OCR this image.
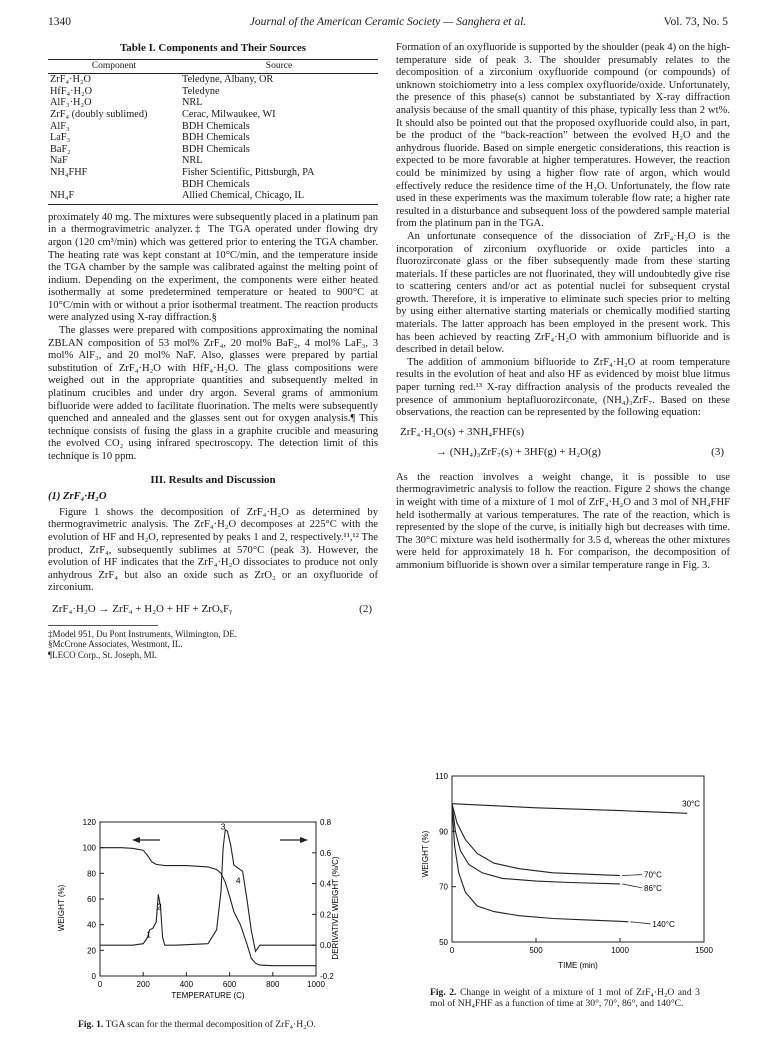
Journal of the American Ceramic Society — Sanghera et al.
1340	Vol. 73, No. 5
Table I. Components and Their Sources
Component	Source
ZrF₄·H₂O	Teledyne, Albany, OR
HfF₄·H₂O	Teledyne
AlF₃·H₂O	NRL
ZrF₄ (doubly sublimed)	Cerac, Milwaukee, WI
AlF₃	BDH Chemicals
LaF₃	BDH Chemicals
BaF₂	BDH Chemicals
NaF	NRL
NH₄FHF	Fisher Scientific, Pittsburgh, PA
	BDH Chemicals
NH₄F	Allied Chemical, Chicago, IL

proximately 40 mg. The mixtures were subsequently placed in a platinum pan in a thermogravimetric analyzer.‡ The TGA operated under flowing dry argon (120 cm³/min) which was gettered prior to entering the TGA chamber. The heating rate was kept constant at 10°C/min, and the temperature inside the TGA chamber by the sample was calibrated against the melting point of indium. Depending on the experiment, the components were either heated isothermally at some predetermined temperature or heated to 900°C at 10°C/min with or without a prior isothermal treatment. The reaction products were analyzed using X-ray diffraction.§

The glasses were prepared with compositions approximating the nominal ZBLAN composition of 53 mol% ZrF₄, 20 mol% BaF₂, 4 mol% LaF₃, 3 mol% AlF₃, and 20 mol% NaF. Also, glasses were prepared by partial substitution of ZrF₄·H₂O with HfF₄·H₂O. The glass compositions were weighed out in the appropriate quantities and subsequently melted in platinum crucibles and under dry argon. Several grams of ammonium bifluoride were added to facilitate fluorination. The melts were subsequently quenched and annealed and the glasses sent out for oxygen analysis.¶ This technique consists of fusing the glass in a graphite crucible and measuring the evolved CO₂ using infrared spectroscopy. The detection limit of this technique is 10 ppm.

III. Results and Discussion
(1) ZrF₄·H₂O

Figure 1 shows the decomposition of ZrF₄·H₂O as determined by thermogravimetric analysis. The ZrF₄·H₂O decomposes at 225°C with the evolution of HF and H₂O, represented by peaks 1 and 2, respectively.¹¹,¹² The product, ZrF₄, subsequently sublimes at 570°C (peak 3). However, the evolution of HF indicates that the ZrF₄·H₂O dissociates to produce not only anhydrous ZrF₄ but also an oxide such as ZrO₂ or an oxyfluoride of zirconium.

ZrF₄·H₂O → ZrF₄ + H₂O + HF + ZrOₓFᵧ	(2)
‡Model 951, Du Pont Instruments, Wilmington, DE.
§McCrone Associates, Westmont, IL.
¶LECO Corp., St. Joseph, MI.
0	200	400	600	800	1000
0
20
40
60
80
100
120
-0.2
0.0
0.2
0.4
0.6
0.8
1
2
3
4
TEMPERATURE (C)
WEIGHT (%)	DERIVATIVE WEIGHT (%/C)
Fig. 1. TGA scan for the thermal decomposition of ZrF₄·H₂O.

Formation of an oxyfluoride is supported by the shoulder (peak 4) on the high-temperature side of peak 3. The shoulder presumably relates to the decomposition of a zirconium oxyfluoride compound (or compounds) of unknown stoichiometry into a less complex oxyfluoride/oxide. Unfortunately, the presence of this phase(s) cannot be substantiated by X-ray diffraction analysis because of the small quantity of this phase, typically less than 2 wt%. It should also be pointed out that the proposed oxyfluoride could also, in part, be the product of the “back-reaction” between the evolved H₂O and the anhydrous fluoride. Based on simple energetic considerations, this reaction is expected to be more favorable at higher temperatures. However, the reaction could be minimized by using a higher flow rate of argon, which would effectively reduce the residence time of the H₂O. Unfortunately, the flow rate used in these experiments was the maximum tolerable flow rate; a higher rate resulted in a disturbance and subsequent loss of the powdered sample material from the platinum pan in the TGA.

An unfortunate consequence of the dissociation of ZrF₄·H₂O is the incorporation of zirconium oxyfluoride or oxide particles into a fluorozirconate glass or the fiber subsequently made from these starting materials. If these particles are not fluorinated, they will undoubtedly give rise to scattering centers and/or act as potential nuclei for subsequent crystal growth. Therefore, it is imperative to eliminate such species prior to melting by using either alternative starting materials or chemically modified starting materials. The latter approach has been employed in the present work. This has been achieved by reacting ZrF₄·H₂O with ammonium bifluoride and is described in detail below.

The addition of ammonium bifluoride to ZrF₄·H₂O at room temperature results in the evolution of heat and also HF as evidenced by moist blue litmus paper turning red.¹³ X-ray diffraction analysis of the products revealed the presence of ammonium heptafluorozirconate, (NH₄)₃ZrF₇. Based on these observations, the reaction can be represented by the following equation:

ZrF₄·H₂O(s) + 3NH₄FHF(s)
→ (NH₄)₃ZrF₇(s) + 3HF(g) + H₂O(g)	(3)

As the reaction involves a weight change, it is possible to use thermogravimetric analysis to follow the reaction. Figure 2 shows the change in weight with time of a mixture of 1 mol of ZrF₄·H₂O and 3 mol of NH₄FHF held isothermally at various temperatures. The rate of the reaction, which is represented by the slope of the curve, is initially high but decreases with time. The 30°C mixture was held isothermally for 3.5 d, whereas the other mixtures were held for approximately 18 h. For comparison, the decomposition of ammonium bifluoride is shown over a similar temperature range in Fig. 3.

0	500	1000	1500
50
70
90
110
30°C
70°C
86°C
140°C
TIME (min)
WEIGHT (%)
Fig. 2. Change in weight of a mixture of 1 mol of ZrF₄·H₂O and 3 mol of NH₄FHF as a function of time at 30°, 70°, 86°, and 140°C.
